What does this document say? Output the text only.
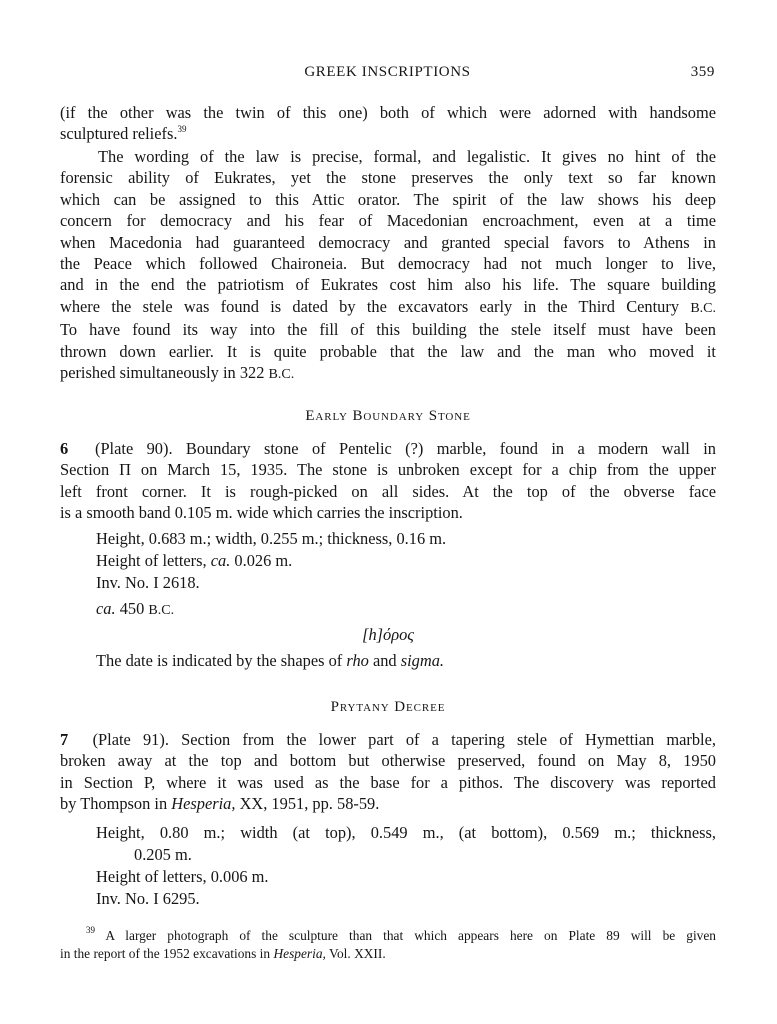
GREEK INSCRIPTIONS	359
(if the other was the twin of this one) both of which were adorned with handsome
sculptured reliefs.$^{39}$
The wording of the law is precise, formal, and legalistic. It gives no hint of the
forensic ability of Eukrates, yet the stone preserves the only text so far known
which can be assigned to this Attic orator. The spirit of the law shows his deep
concern for democracy and his fear of Macedonian encroachment, even at a time
when Macedonia had guaranteed democracy and granted special favors to Athens in
the Peace which followed Chaironeia. But democracy had not much longer to live,
and in the end the patriotism of Eukrates cost him also his life. The square building
where the stele was found is dated by the excavators early in the Third Century B.C.
To have found its way into the fill of this building the stele itself must have been
thrown down earlier. It is quite probable that the law and the man who moved it
perished simultaneously in 322 B.C.
Early Boundary Stone
6 (Plate 90). Boundary stone of Pentelic (?) marble, found in a modern wall in
Section Π on March 15, 1935. The stone is unbroken except for a chip from the upper
left front corner. It is rough-picked on all sides. At the top of the obverse face
is a smooth band 0.105 m. wide which carries the inscription.
Height, 0.683 m.; width, 0.255 m.; thickness, 0.16 m.
Height of letters, ca. 0.026 m.
Inv. No. I 2618.
ca. 450 B.C.
[h]όρος
The date is indicated by the shapes of rho and sigma.
Prytany Decree
7 (Plate 91). Section from the lower part of a tapering stele of Hymettian marble,
broken away at the top and bottom but otherwise preserved, found on May 8, 1950
in Section P, where it was used as the base for a pithos. The discovery was reported
by Thompson in Hesperia, XX, 1951, pp. 58-59.
Height, 0.80 m.; width (at top), 0.549 m., (at bottom), 0.569 m.; thickness,
0.205 m.
Height of letters, 0.006 m.
Inv. No. I 6295.
$^{39}$ A larger photograph of the sculpture than that which appears here on Plate 89 will be given
in the report of the 1952 excavations in Hesperia, Vol. XXII.
